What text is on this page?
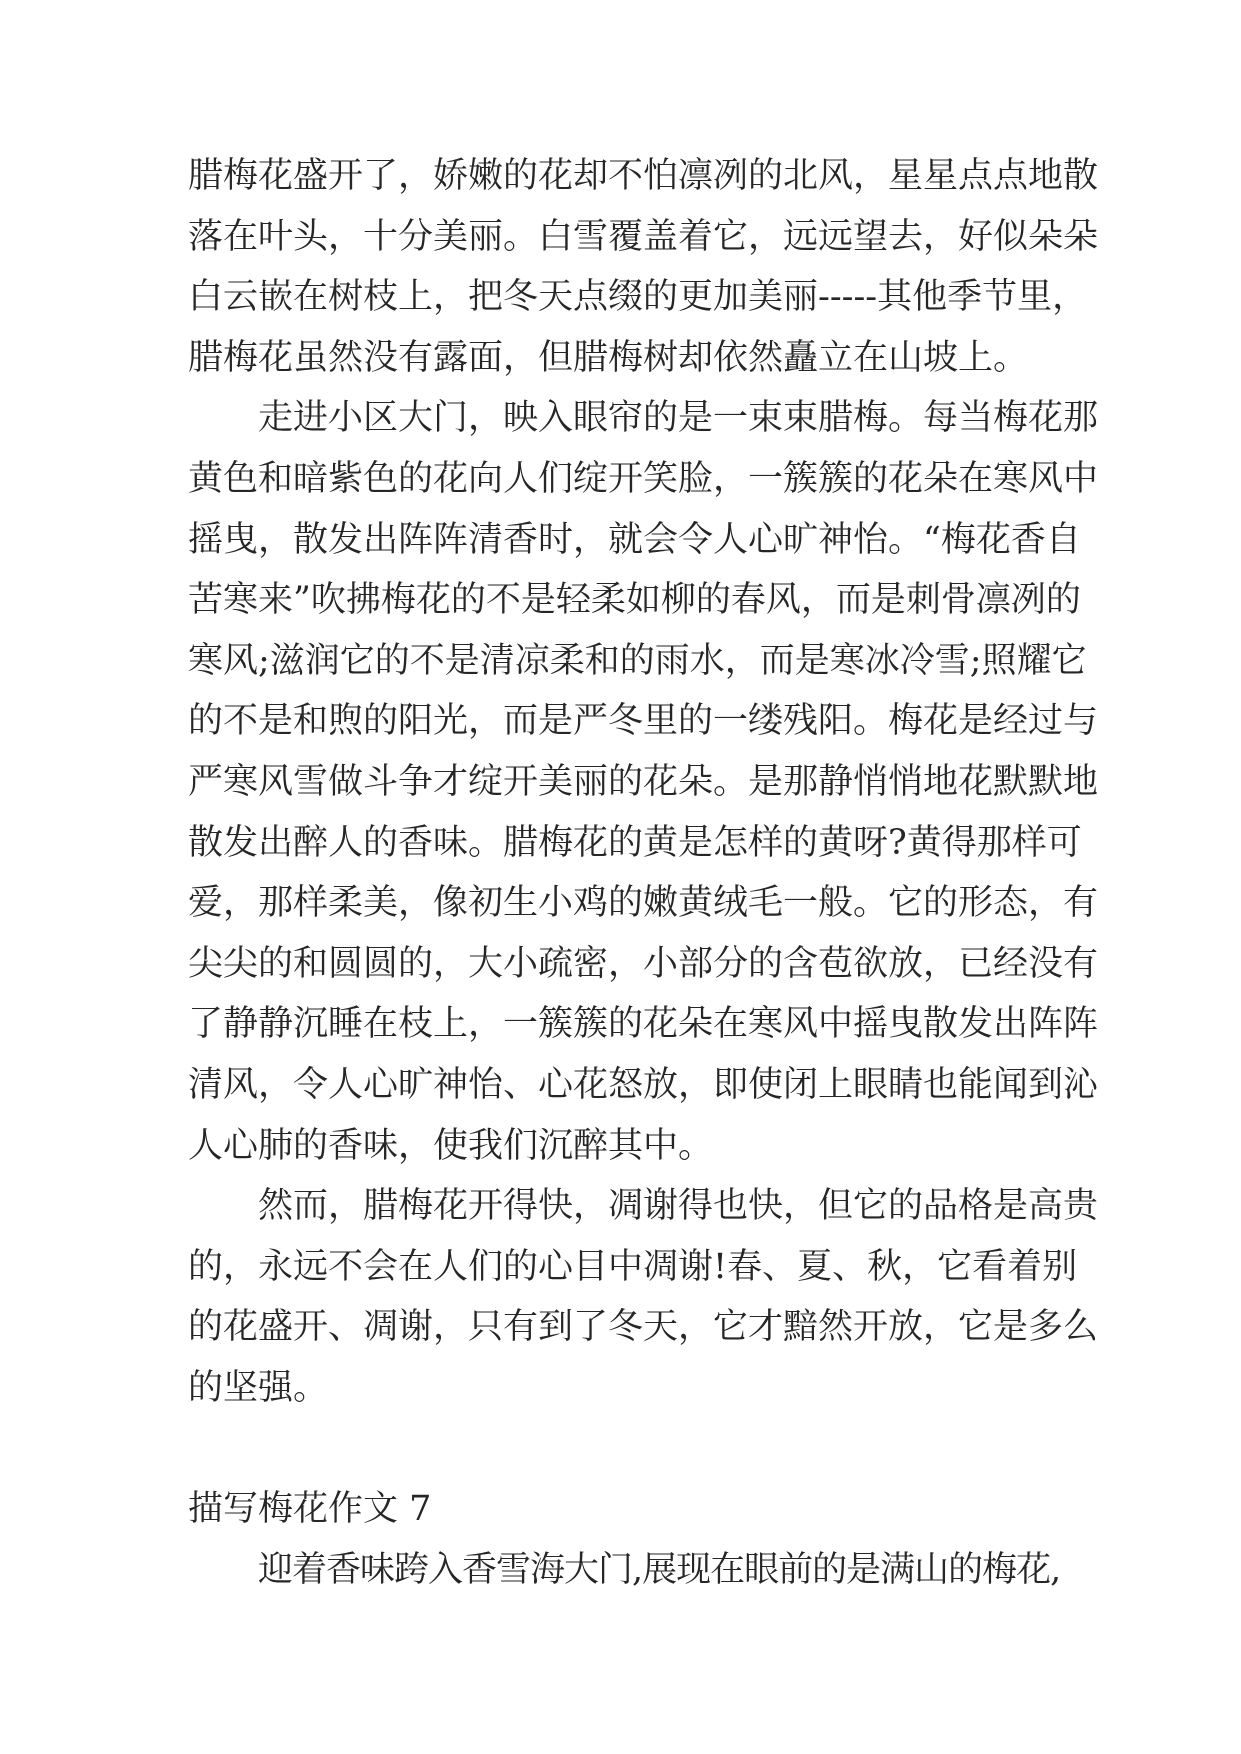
腊梅花盛开了，娇嫩的花却不怕凛冽的北风，星星点点地散
落在叶头，十分美丽。白雪覆盖着它，远远望去，好似朵朵
白云嵌在树枝上，把冬天点缀的更加美丽-----其他季节里，
腊梅花虽然没有露面，但腊梅树却依然矗立在山坡上。
走进小区大门，映入眼帘的是一束束腊梅。每当梅花那
黄色和暗紫色的花向人们绽开笑脸，一簇簇的花朵在寒风中
摇曳，散发出阵阵清香时，就会令人心旷神怡。“梅花香自
苦寒来”吹拂梅花的不是轻柔如柳的春风，而是刺骨凛冽的
寒风;滋润它的不是清凉柔和的雨水，而是寒冰冷雪;照耀它
的不是和煦的阳光，而是严冬里的一缕残阳。梅花是经过与
严寒风雪做斗争才绽开美丽的花朵。是那静悄悄地花默默地
散发出醉人的香味。腊梅花的黄是怎样的黄呀?黄得那样可
爱，那样柔美，像初生小鸡的嫩黄绒毛一般。它的形态，有
尖尖的和圆圆的，大小疏密，小部分的含苞欲放，已经没有
了静静沉睡在枝上，一簇簇的花朵在寒风中摇曳散发出阵阵
清风，令人心旷神怡、心花怒放，即使闭上眼睛也能闻到沁
人心肺的香味，使我们沉醉其中。
然而，腊梅花开得快，凋谢得也快，但它的品格是高贵
的，永远不会在人们的心目中凋谢!春、夏、秋，它看着别
的花盛开、凋谢，只有到了冬天，它才黯然开放，它是多么
的坚强。
描写梅花作文 7
迎着香味跨入香雪海大门,展现在眼前的是满山的梅花,
